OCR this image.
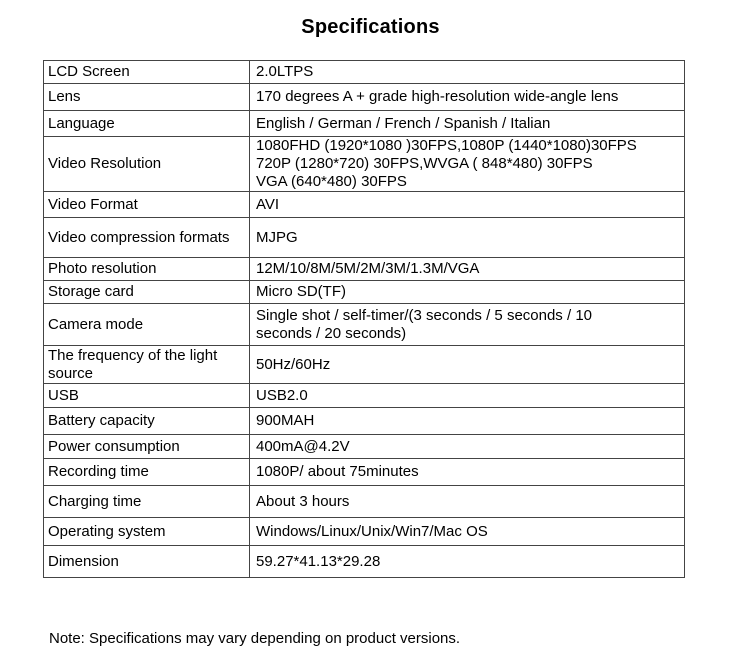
Specifications
LCD Screen	2.0LTPS

Lens	170 degrees A + grade high-resolution wide-angle lens

Language	English / German / French / Spanish / Italian

Video Resolution	1080FHD (1920*1080 )30FPS,1080P (1440*1080)30FPS
720P (1280*720) 30FPS,WVGA ( 848*480) 30FPS
VGA (640*480) 30FPS

Video Format	AVI

Video compression formats	MJPG

Photo resolution	12M/10/8M/5M/2M/3M/1.3M/VGA

Storage card	Micro SD(TF)

Camera mode	Single shot / self-timer/(3 seconds / 5 seconds / 10
seconds / 20 seconds)

The frequency of the light source	50Hz/60Hz

USB	USB2.0

Battery capacity	900MAH

Power consumption	400mA@4.2V

Recording time	1080P/ about 75minutes

Charging time	About 3 hours

Operating system	Windows/Linux/Unix/Win7/Mac OS

Dimension	59.27*41.13*29.28
Note: Specifications may vary depending on product versions.
